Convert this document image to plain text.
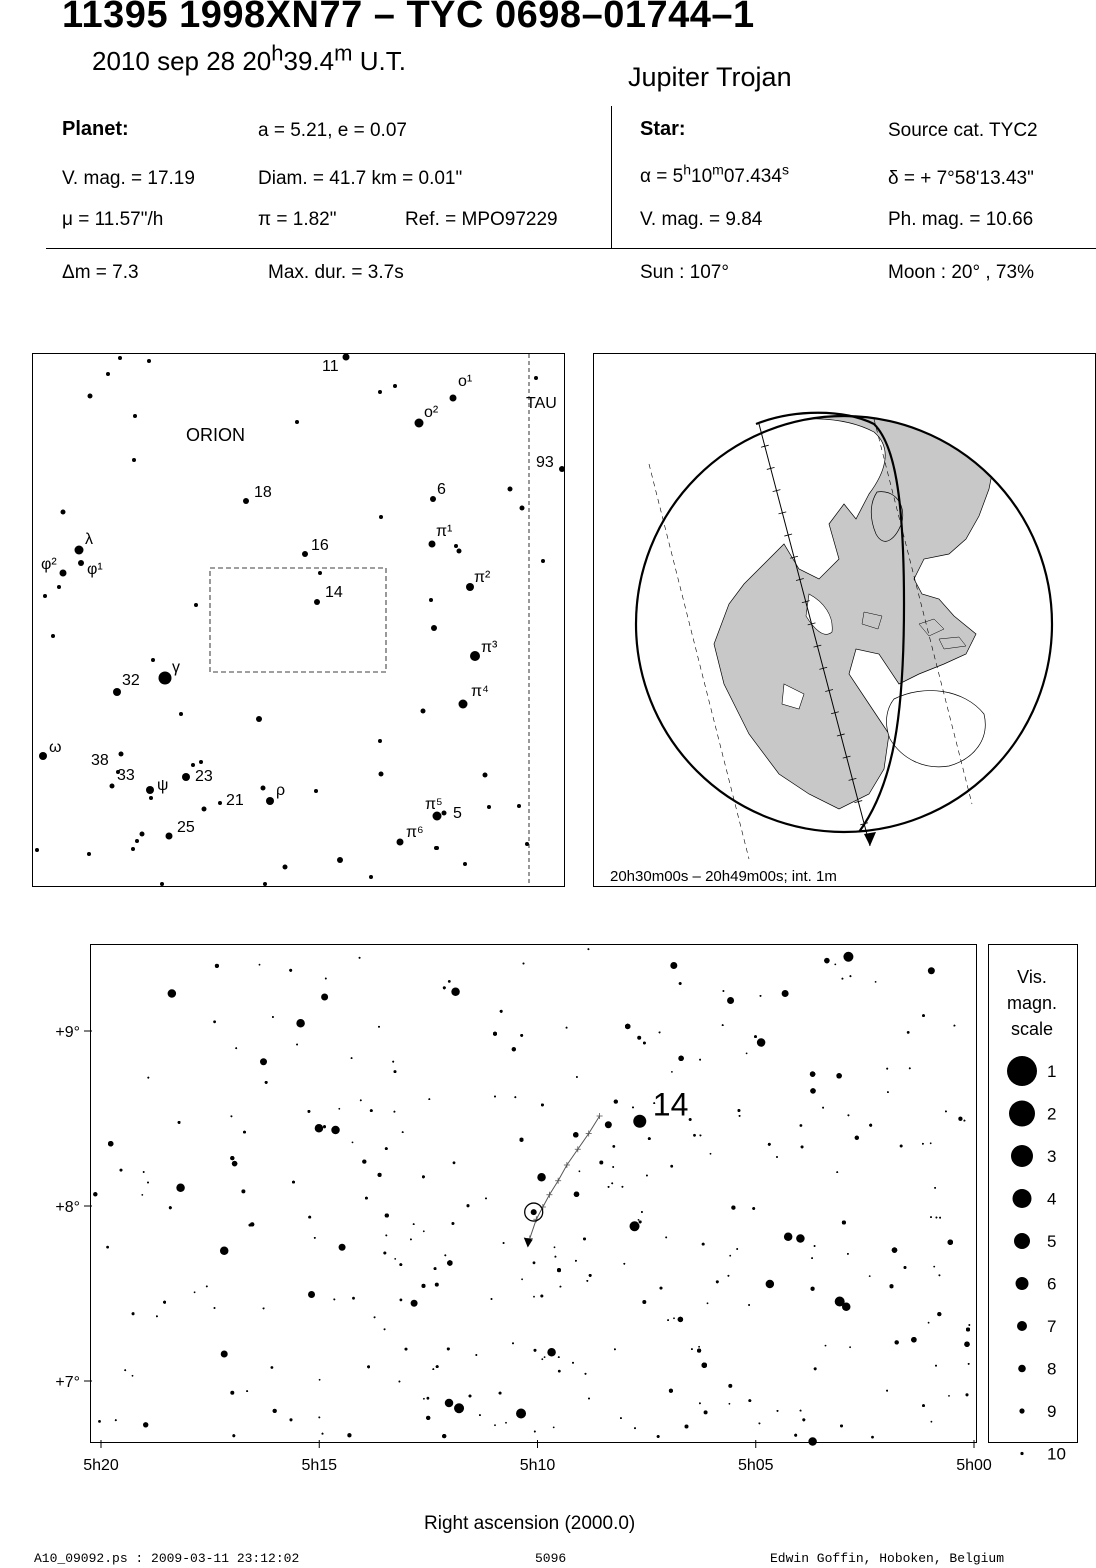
11395 1998XN77 – TYC 0698–01744–1
2010 sep 28 20$^h$39.4$^m$ U.T.
Jupiter Trojan
Planet:	a = 5.21, e = 0.07
V. mag. = 17.19	Diam. = 41.7 km = 0.01"
μ = 11.57"/h	π = 1.82"	Ref. = MPO97229
Star:	Source cat. TYC2
$\alpha = 5^h10^m07.434^s$	δ = + 7°58'13.43"
V. mag. = 9.84	Ph. mag. = 10.66
Δm = 7.3	Max. dur. = 3.7s	Sun : 107°	Moon : 20° , 73%
ORION
TAU
11
ο¹
ο²
93
18	6
16
π¹
λ
φ² φ¹
14
π²
π³
32
γ
π⁴
ω
38
33
ψ
23
21
ρ
25
π⁵
5
π⁶
20h30m00s – 20h49m00s; int. 1m
14
5h20	5h15	5h10	5h05	5h00
+9°
+8°
+7°
Right ascension (2000.0)
Vis.
magn.
scale
1
2
3
4
5
6
7
8
9
10
A10_09092.ps : 2009-03-11 23:12:02	5096	Edwin Goffin, Hoboken, Belgium
